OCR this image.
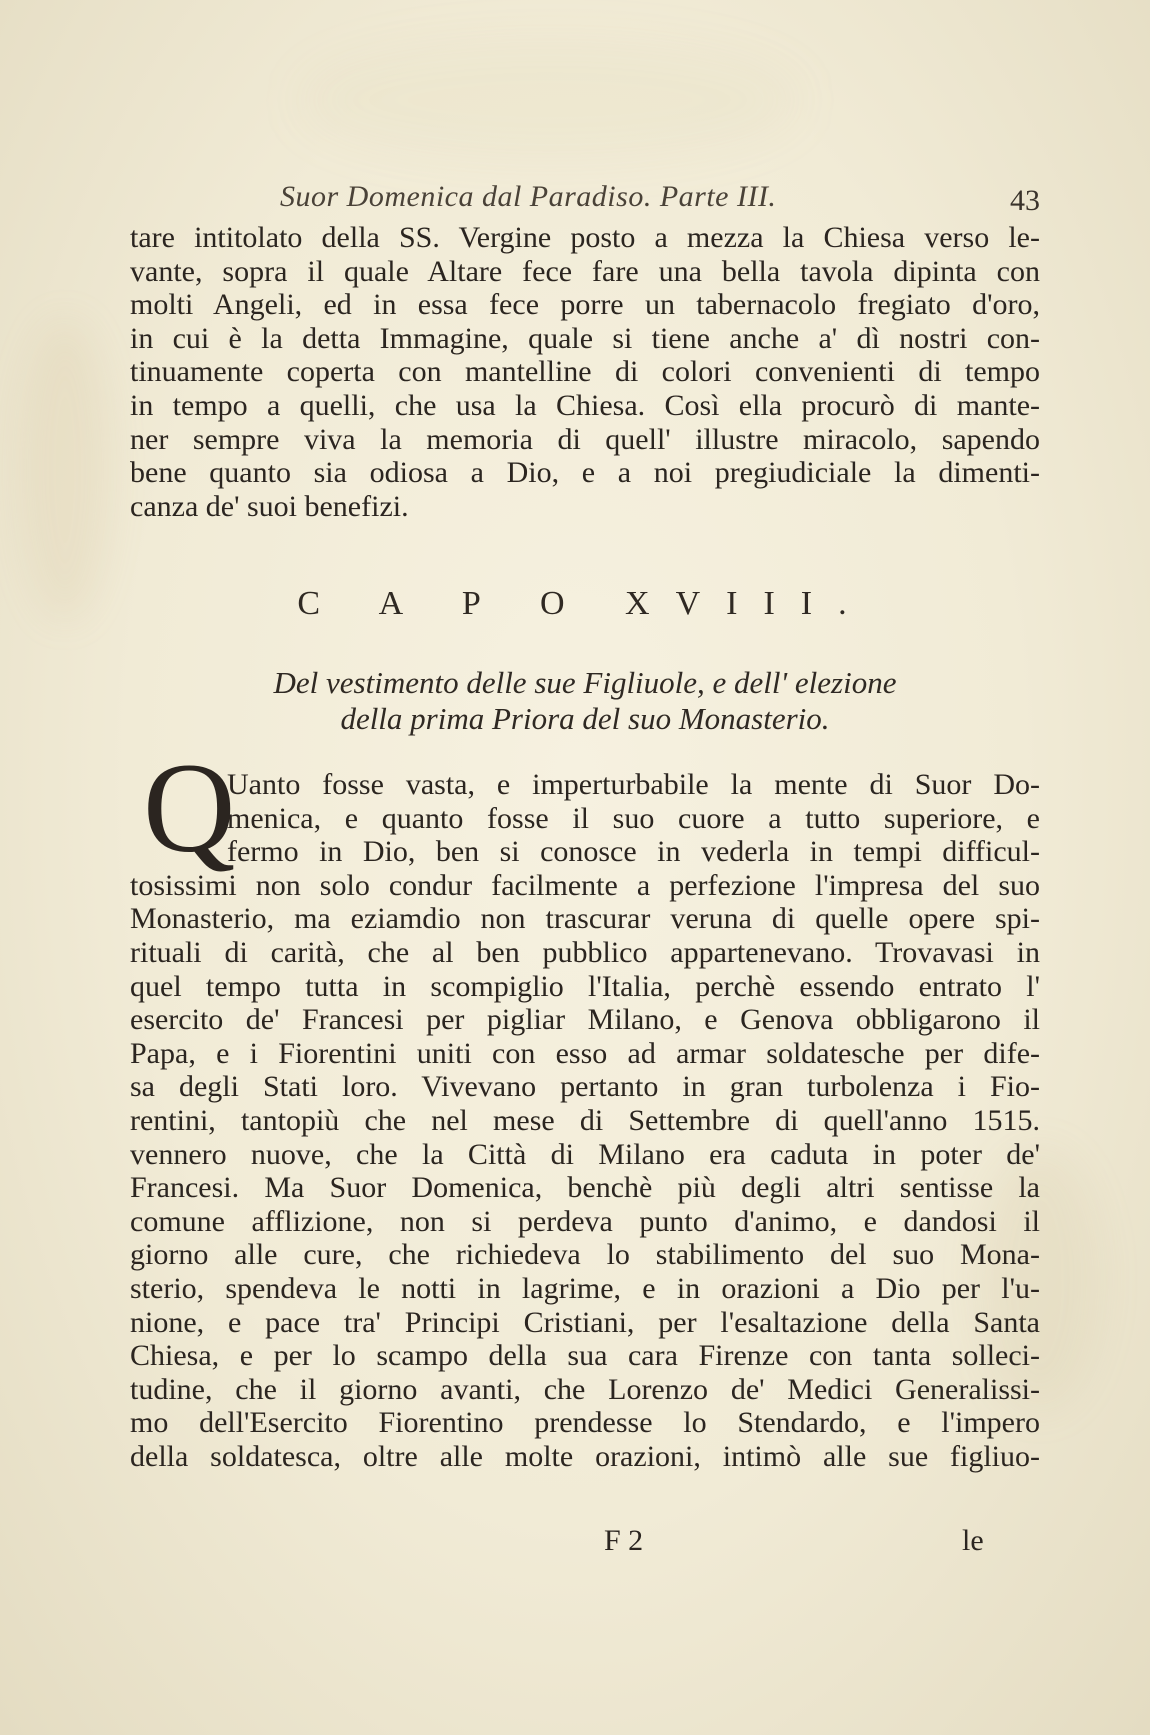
Suor Domenica dal Paradiso. Parte III.	43
tare intitolato della SS. Vergine posto a mezza la Chiesa verso le-
vante, sopra il quale Altare fece fare una bella tavola dipinta con
molti Angeli, ed in essa fece porre un tabernacolo fregiato d'oro,
in cui è la detta Immagine, quale si tiene anche a' dì nostri con-
tinuamente coperta con mantelline di colori convenienti di tempo
in tempo a quelli, che usa la Chiesa. Così ella procurò di mante-
ner sempre viva la memoria di quell' illustre miracolo, sapendo
bene quanto sia odiosa a Dio, e a noi pregiudiciale la dimenti-
canza de' suoi benefizi.
C A P O XVIII.
Del vestimento delle sue Figliuole, e dell' elezione
della prima Priora del suo Monasterio.
Q
Uanto fosse vasta, e imperturbabile la mente di Suor Do-
menica, e quanto fosse il suo cuore a tutto superiore, e
fermo in Dio, ben si conosce in vederla in tempi difficul-
tosissimi non solo condur facilmente a perfezione l'impresa del suo
Monasterio, ma eziamdio non trascurar veruna di quelle opere spi-
rituali di carità, che al ben pubblico appartenevano. Trovavasi in
quel tempo tutta in scompiglio l'Italia, perchè essendo entrato l'
esercito de' Francesi per pigliar Milano, e Genova obbligarono il
Papa, e i Fiorentini uniti con esso ad armar soldatesche per dife-
sa degli Stati loro. Vivevano pertanto in gran turbolenza i Fio-
rentini, tantopiù che nel mese di Settembre di quell'anno 1515.
vennero nuove, che la Città di Milano era caduta in poter de'
Francesi. Ma Suor Domenica, benchè più degli altri sentisse la
comune afflizione, non si perdeva punto d'animo, e dandosi il
giorno alle cure, che richiedeva lo stabilimento del suo Mona-
sterio, spendeva le notti in lagrime, e in orazioni a Dio per l'u-
nione, e pace tra' Principi Cristiani, per l'esaltazione della Santa
Chiesa, e per lo scampo della sua cara Firenze con tanta solleci-
tudine, che il giorno avanti, che Lorenzo de' Medici Generalissi-
mo dell'Esercito Fiorentino prendesse lo Stendardo, e l'impero
della soldatesca, oltre alle molte orazioni, intimò alle sue figliuo-
F 2	le
